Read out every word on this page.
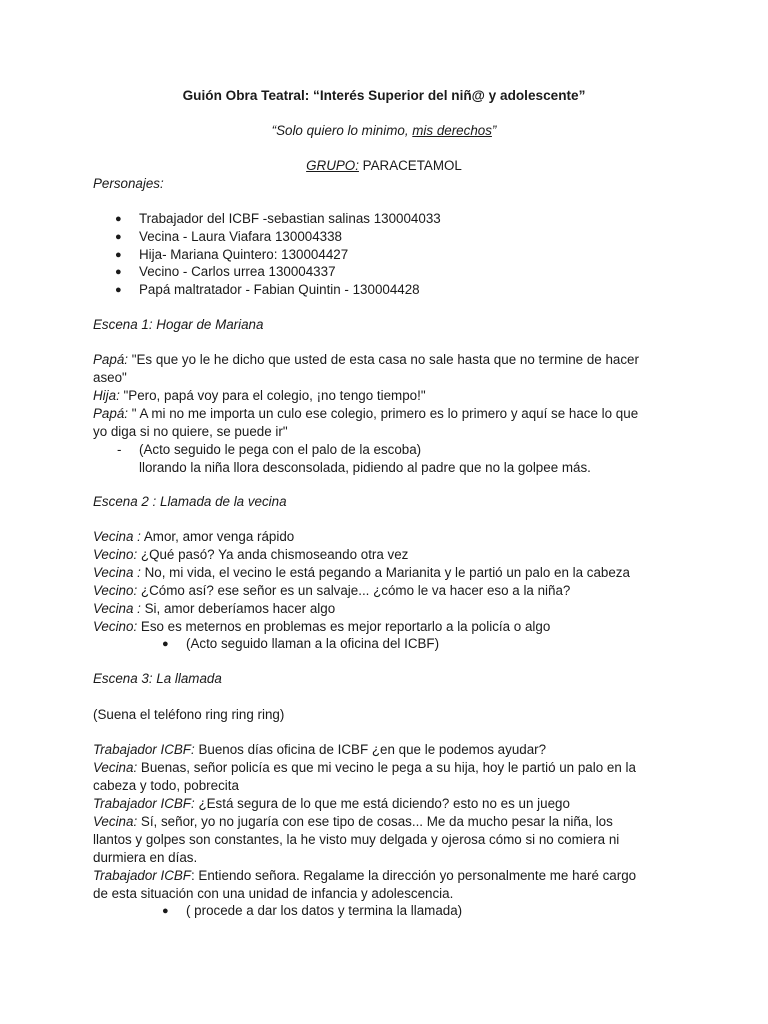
Guión Obra Teatral: “Interés Superior del niñ@ y adolescente”
“Solo quiero lo minimo, mis derechos”
GRUPO: PARACETAMOL
Personajes:
● Trabajador del ICBF -sebastian salinas 130004033
● Vecina - Laura Viafara 130004338
● Hija- Mariana Quintero: 130004427
● Vecino - Carlos urrea 130004337
● Papá maltratador - Fabian Quintin - 130004428
Escena 1: Hogar de Mariana
Papá: "Es que yo le he dicho que usted de esta casa no sale hasta que no termine de hacer
aseo"
Hija: "Pero, papá voy para el colegio, ¡no tengo tiempo!"
Papá: " A mi no me importa un culo ese colegio, primero es lo primero y aquí se hace lo que
yo diga si no quiere, se puede ir"
- (Acto seguido le pega con el palo de la escoba)
llorando la niña llora desconsolada, pidiendo al padre que no la golpee más.
Escena 2 : Llamada de la vecina
Vecina : Amor, amor venga rápido
Vecino: ¿Qué pasó? Ya anda chismoseando otra vez
Vecina : No, mi vida, el vecino le está pegando a Marianita y le partió un palo en la cabeza
Vecino: ¿Cómo así? ese señor es un salvaje... ¿cómo le va hacer eso a la niña?
Vecina : Si, amor deberíamos hacer algo
Vecino: Eso es meternos en problemas es mejor reportarlo a la policía o algo
● (Acto seguido llaman a la oficina del ICBF)
Escena 3: La llamada
(Suena el teléfono ring ring ring)
Trabajador ICBF: Buenos días oficina de ICBF ¿en que le podemos ayudar?
Vecina: Buenas, señor policía es que mi vecino le pega a su hija, hoy le partió un palo en la
cabeza y todo, pobrecita
Trabajador ICBF: ¿Está segura de lo que me está diciendo? esto no es un juego
Vecina: Sí, señor, yo no jugaría con ese tipo de cosas... Me da mucho pesar la niña, los
llantos y golpes son constantes, la he visto muy delgada y ojerosa cómo si no comiera ni
durmiera en días.
Trabajador ICBF: Entiendo señora. Regalame la dirección yo personalmente me haré cargo
de esta situación con una unidad de infancia y adolescencia.
● ( procede a dar los datos y termina la llamada)
